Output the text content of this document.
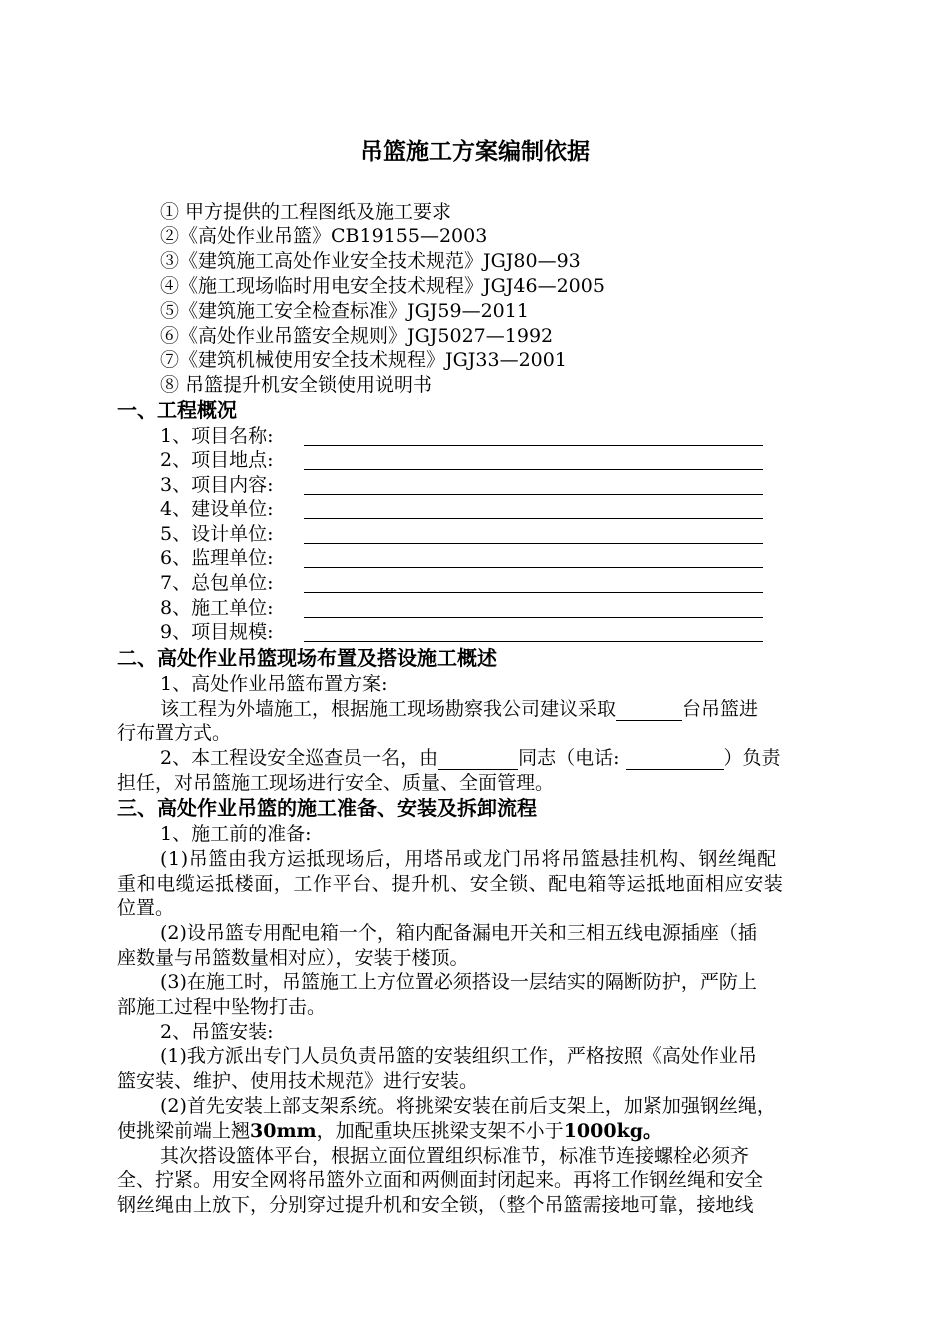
吊篮施工方案编制依据
① 甲方提供的工程图纸及施工要求
②《高处作业吊篮》CB19155—2003
③《建筑施工高处作业安全技术规范》JGJ80—93
④《施工现场临时用电安全技术规程》JGJ46—2005
⑤《建筑施工安全检查标准》JGJ59—2011
⑥《高处作业吊篮安全规则》JGJ5027—1992
⑦《建筑机械使用安全技术规程》JGJ33—2001
⑧ 吊篮提升机安全锁使用说明书
一、工程概况
1、项目名称:
2、项目地点:
3、项目内容:
4、建设单位:
5、设计单位:
6、监理单位:
7、总包单位:
8、施工单位:
9、项目规模:
二、高处作业吊篮现场布置及搭设施工概述
1、高处作业吊篮布置方案:
该工程为外墙施工，根据施工现场勘察我公司建议采取	台吊篮进
行布置方式。
2、本工程设安全巡查员一名，由	同志（电话:	）负责
担任，对吊篮施工现场进行安全、质量、全面管理。
三、高处作业吊篮的施工准备、安装及拆卸流程
1、施工前的准备:
(1)吊篮由我方运抵现场后，用塔吊或龙门吊将吊篮悬挂机构、钢丝绳配
重和电缆运抵楼面，工作平台、提升机、安全锁、配电箱等运抵地面相应安装
位置。
(2)设吊篮专用配电箱一个，箱内配备漏电开关和三相五线电源插座（插
座数量与吊篮数量相对应），安装于楼顶。
(3)在施工时，吊篮施工上方位置必须搭设一层结实的隔断防护，严防上
部施工过程中坠物打击。
2、吊篮安装:
(1)我方派出专门人员负责吊篮的安装组织工作，严格按照《高处作业吊
篮安装、维护、使用技术规范》进行安装。
(2)首先安装上部支架系统。将挑梁安装在前后支架上，加紧加强钢丝绳，
使挑梁前端上翘30mm，加配重块压挑梁支架不小于1000kg。
其次搭设篮体平台，根据立面位置组织标准节，标准节连接螺栓必须齐
全、拧紧。用安全网将吊篮外立面和两侧面封闭起来。再将工作钢丝绳和安全
钢丝绳由上放下，分别穿过提升机和安全锁，（整个吊篮需接地可靠，接地线
